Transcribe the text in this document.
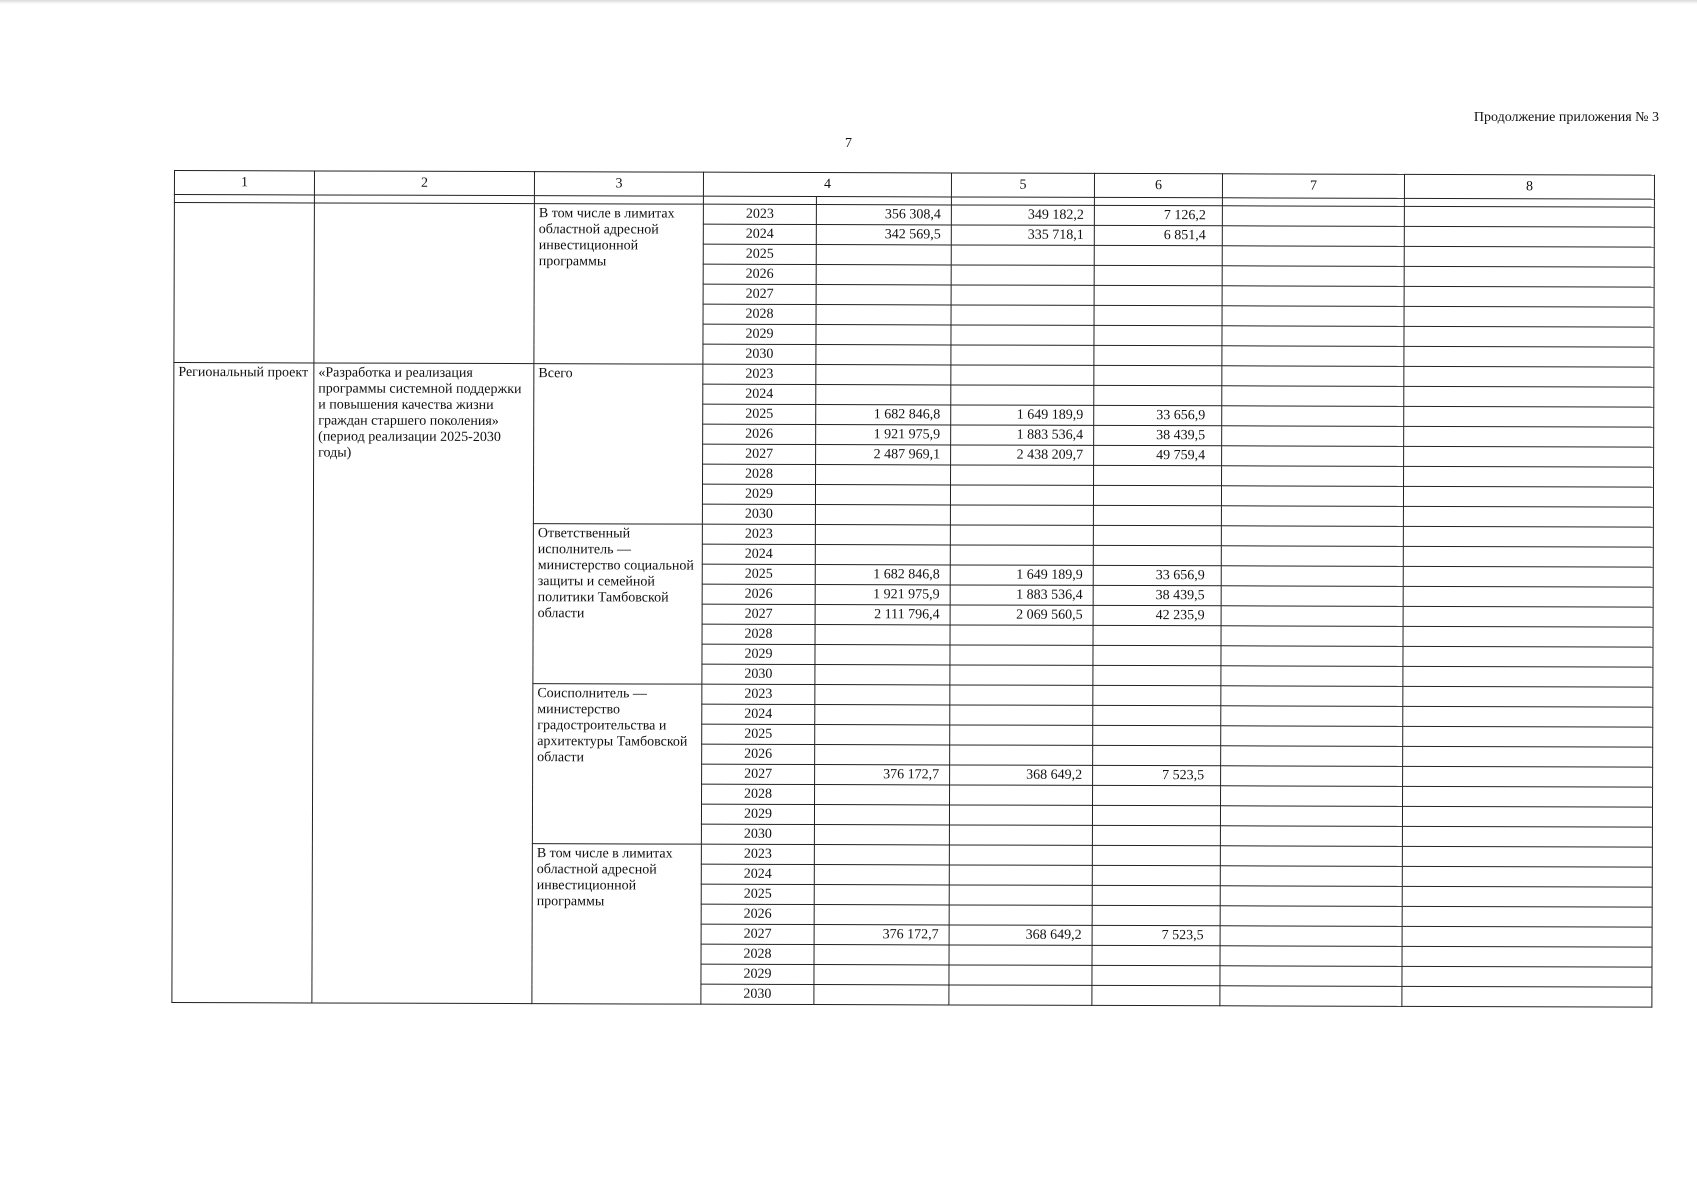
Продолжение приложения № 3
7
1	2	3	4		5	6	7	8

		В том числе в лимитах областной адресной инвестиционной программы	2023	356 308,4	349 182,2	7 126,2		
			2024	342 569,5	335 718,1	6 851,4		
			2025					
			2026					
			2027					
			2028					
			2029					
			2030					
Региональный проект	«Разработка и реализация программы системной поддержки и повышения качества жизни граждан старшего поколения» (период реализации 2025-2030 годы)	Всего	2023					
			2024					
			2025	1 682 846,8	1 649 189,9	33 656,9		
			2026	1 921 975,9	1 883 536,4	38 439,5		
			2027	2 487 969,1	2 438 209,7	49 759,4		
			2028					
			2029					
			2030					
		Ответственный исполнитель — министерство социальной защиты и семейной политики Тамбовской области	2023					
			2024					
			2025	1 682 846,8	1 649 189,9	33 656,9		
			2026	1 921 975,9	1 883 536,4	38 439,5		
			2027	2 111 796,4	2 069 560,5	42 235,9		
			2028					
			2029					
			2030					
		Соисполнитель — министерство градостроительства и архитектуры Тамбовской области	2023					
			2024					
			2025					
			2026					
			2027	376 172,7	368 649,2	7 523,5		
			2028					
			2029					
			2030					
		В том числе в лимитах областной адресной инвестиционной программы	2023					
			2024					
			2025					
			2026					
			2027	376 172,7	368 649,2	7 523,5		
			2028					
			2029					
			2030					
